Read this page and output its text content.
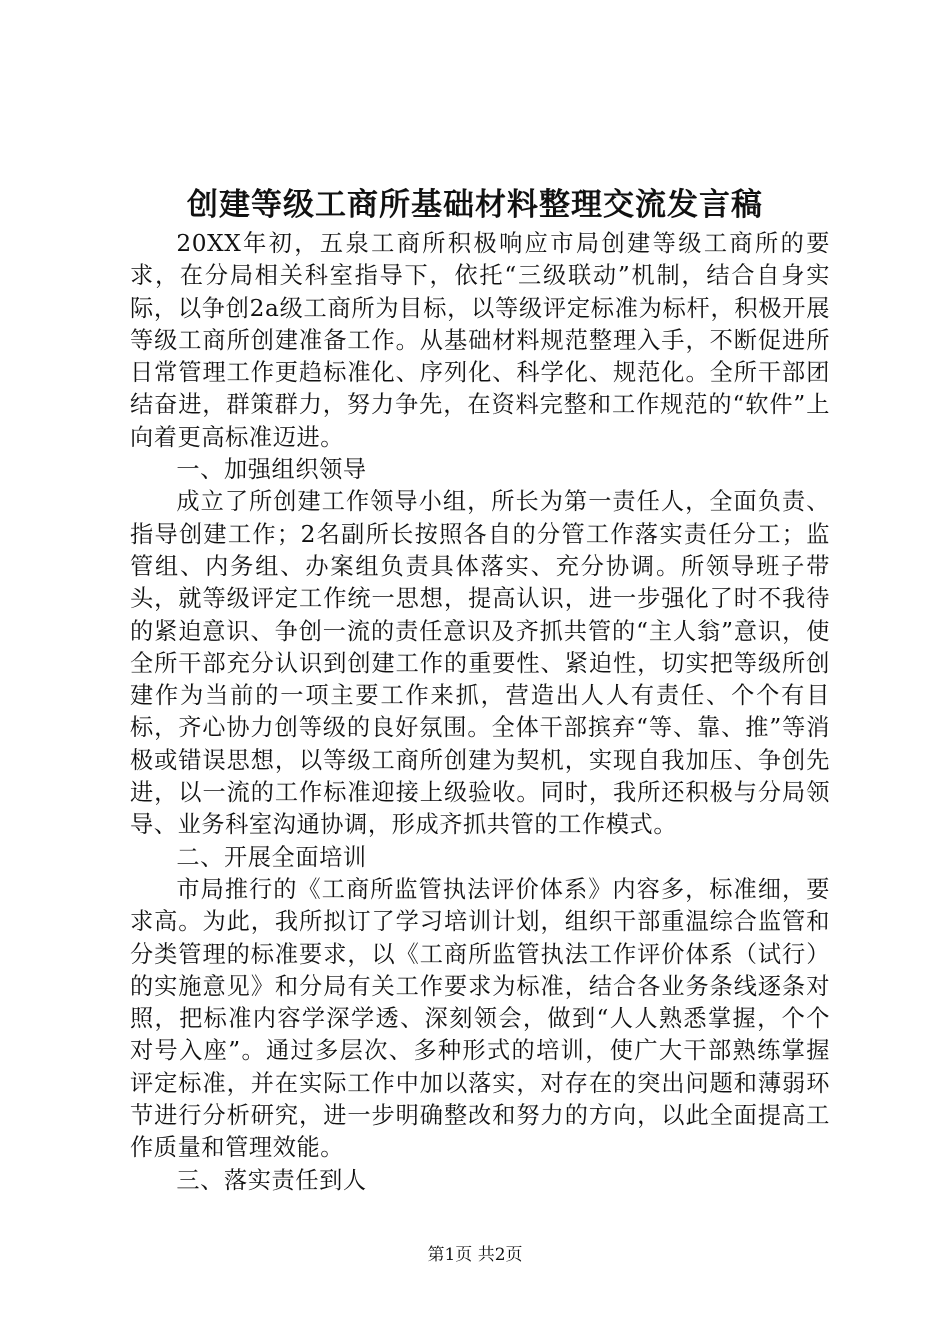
创建等级工商所基础材料整理交流发言稿

20XX年初，五泉工商所积极响应市局创建等级工商所的要求，在分局相关科室指导下，依托“三级联动”机制，结合自身实际，以争创2a级工商所为目标，以等级评定标准为标杆，积极开展等级工商所创建准备工作。从基础材料规范整理入手，不断促进所日常管理工作更趋标准化、序列化、科学化、规范化。全所干部团结奋进，群策群力，努力争先，在资料完整和工作规范的“软件”上向着更高标准迈进。

一、加强组织领导

成立了所创建工作领导小组，所长为第一责任人，全面负责、指导创建工作；2名副所长按照各自的分管工作落实责任分工；监管组、内务组、办案组负责具体落实、充分协调。所领导班子带头，就等级评定工作统一思想，提高认识，进一步强化了时不我待的紧迫意识、争创一流的责任意识及齐抓共管的“主人翁”意识，使全所干部充分认识到创建工作的重要性、紧迫性，切实把等级所创建作为当前的一项主要工作来抓，营造出人人有责任、个个有目标，齐心协力创等级的良好氛围。全体干部摈弃“等、靠、推”等消极或错误思想，以等级工商所创建为契机，实现自我加压、争创先进，以一流的工作标准迎接上级验收。同时，我所还积极与分局领导、业务科室沟通协调，形成齐抓共管的工作模式。

二、开展全面培训

市局推行的《工商所监管执法评价体系》内容多，标准细，要求高。为此，我所拟订了学习培训计划，组织干部重温综合监管和分类管理的标准要求，以《工商所监管执法工作评价体系（试行）的实施意见》和分局有关工作要求为标准，结合各业务条线逐条对照，把标准内容学深学透、深刻领会，做到“人人熟悉掌握，个个对号入座”。通过多层次、多种形式的培训，使广大干部熟练掌握评定标准，并在实际工作中加以落实，对存在的突出问题和薄弱环节进行分析研究，进一步明确整改和努力的方向，以此全面提高工作质量和管理效能。

三、落实责任到人

第1页 共2页
